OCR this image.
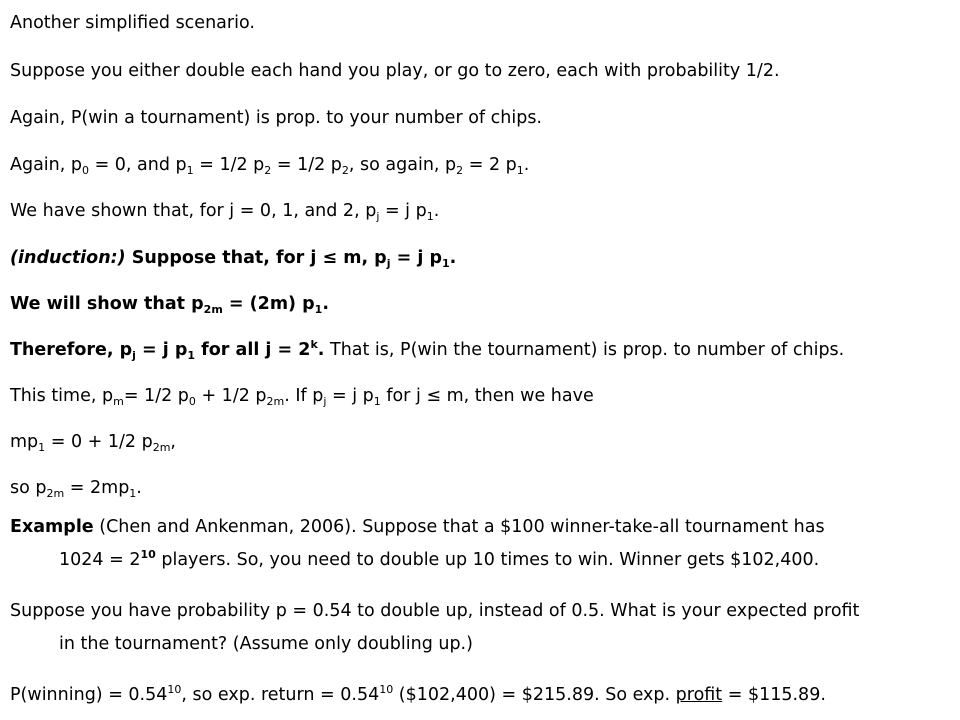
Another simplified scenario.

Suppose you either double each hand you play, or go to zero, each with probability 1/2.

Again, P(win a tournament) is prop. to your number of chips.

Again, $p_0 = 0$, and $p_1 = 1/2$ $p_2 = 1/2$ $p_2$, so again, $p_2 = 2$ $p_1$.

We have shown that, for j = 0, 1, and 2, $p_j = j$ $p_1$.

(induction:) Suppose that, for j ≤ m, $p_j = j$ $p_1$.

We will show that $p_{2m} = (2m)$ $p_1$.

Therefore, $p_j = j$ $p_1$ for all $j = 2^k$. That is, P(win the tournament) is prop. to number of chips.

This time, $p_m= 1/2$ $p_0 + 1/2$ $p_{2m}$. If $p_j = j$ $p_1$ for j ≤ m, then we have

$mp_1 = 0 + 1/2$ $p_{2m}$,

so $p_{2m} = 2mp_1$.

Example (Chen and Ankenman, 2006). Suppose that a $100 winner-take-all tournament has

$1024 = 2^{10}$ players. So, you need to double up 10 times to win. Winner gets $102,400.

Suppose you have probability p = 0.54 to double up, instead of 0.5. What is your expected profit

in the tournament? (Assume only doubling up.)

P(winning) = $0.54^{10}$, so exp. return = $0.54^{10}$ ($102,400) = $215.89. So exp. profit = $115.89.
